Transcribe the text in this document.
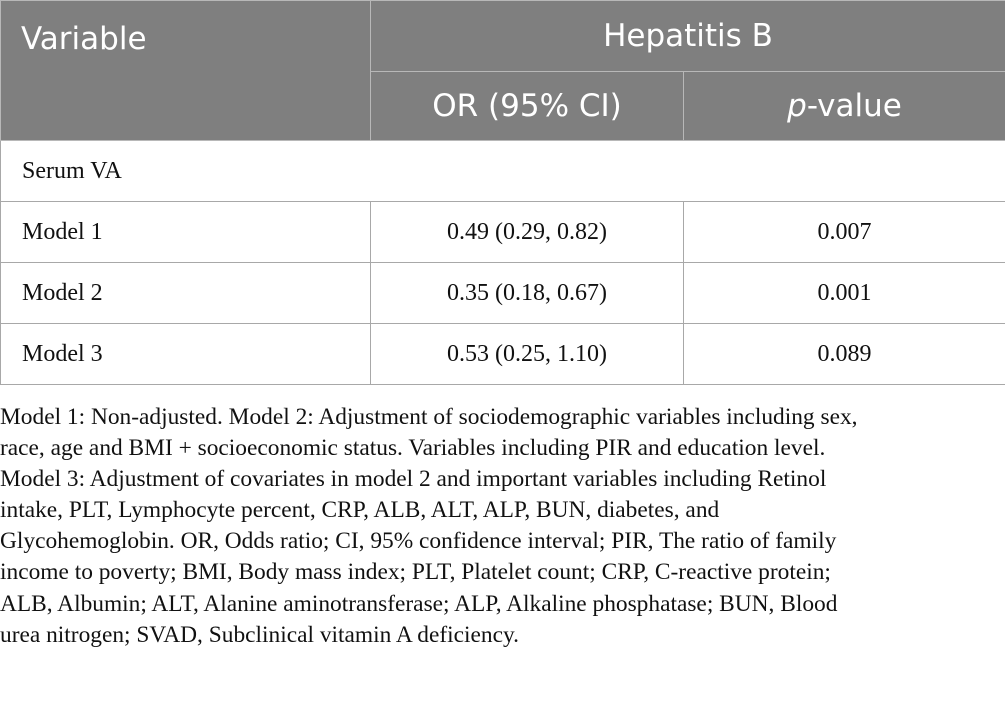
Variable	Hepatitis B	
	OR (95% CI)	p-value
Serum VA		
Model 1	0.49 (0.29, 0.82)	0.007
Model 2	0.35 (0.18, 0.67)	0.001
Model 3	0.53 (0.25, 1.10)	0.089
Model 1: Non-adjusted. Model 2: Adjustment of sociodemographic variables including sex,
race, age and BMI + socioeconomic status. Variables including PIR and education level.
Model 3: Adjustment of covariates in model 2 and important variables including Retinol
intake, PLT, Lymphocyte percent, CRP, ALB, ALT, ALP, BUN, diabetes, and
Glycohemoglobin. OR, Odds ratio; CI, 95% confidence interval; PIR, The ratio of family
income to poverty; BMI, Body mass index; PLT, Platelet count; CRP, C-reactive protein;
ALB, Albumin; ALT, Alanine aminotransferase; ALP, Alkaline phosphatase; BUN, Blood
urea nitrogen; SVAD, Subclinical vitamin A deficiency.
